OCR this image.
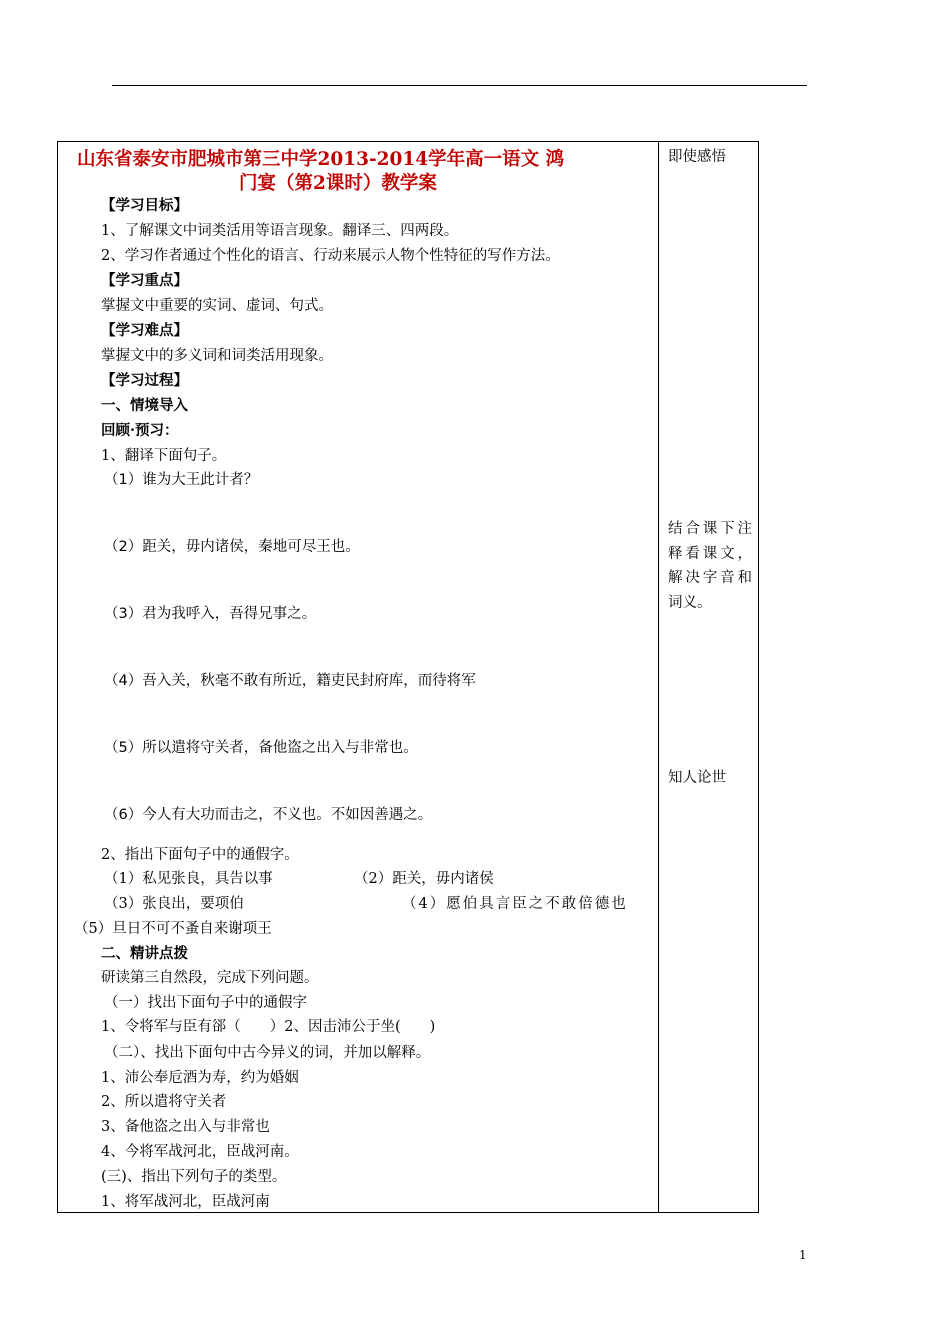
山东省泰安市肥城市第三中学2013-2014学年高一语文 鸿
门宴（第2课时）教学案
【学习目标】
1、了解课文中词类活用等语言现象。翻译三、四两段。
2、学习作者通过个性化的语言、行动来展示人物个性特征的写作方法。
【学习重点】
掌握文中重要的实词、虚词、句式。
【学习难点】
掌握文中的多义词和词类活用现象。
【学习过程】
一、情境导入
回顾·预习：
1、翻译下面句子。
（1）谁为大王此计者？
（2）距关，毋内诸侯，秦地可尽王也。
（3）君为我呼入，吾得兄事之。
（4）吾入关，秋毫不敢有所近，籍吏民封府库，而待将军
（5）所以遣将守关者，备他盗之出入与非常也。
（6）今人有大功而击之，不义也。不如因善遇之。
2、指出下面句子中的通假字。
（1）私见张良，具告以事	（2）距关，毋内诸侯
（3）张良出，要项伯	（4）愿伯具言臣之不敢倍德也
（5）旦日不可不蚤自来谢项王
二、精讲点拨
研读第三自然段，完成下列问题。
（一）找出下面句子中的通假字
1、令将军与臣有郤（　　）2、因击沛公于坐(　　)
（二）、找出下面句中古今异义的词，并加以解释。
1、沛公奉卮酒为寿，约为婚姻
2、所以遣将守关者
3、备他盗之出入与非常也
4、今将军战河北，臣战河南。
(三)、指出下列句子的类型。
1、将军战河北，臣战河南
即使感悟
结合课下注释看课文，解决字音和词义。
知人论世
1
